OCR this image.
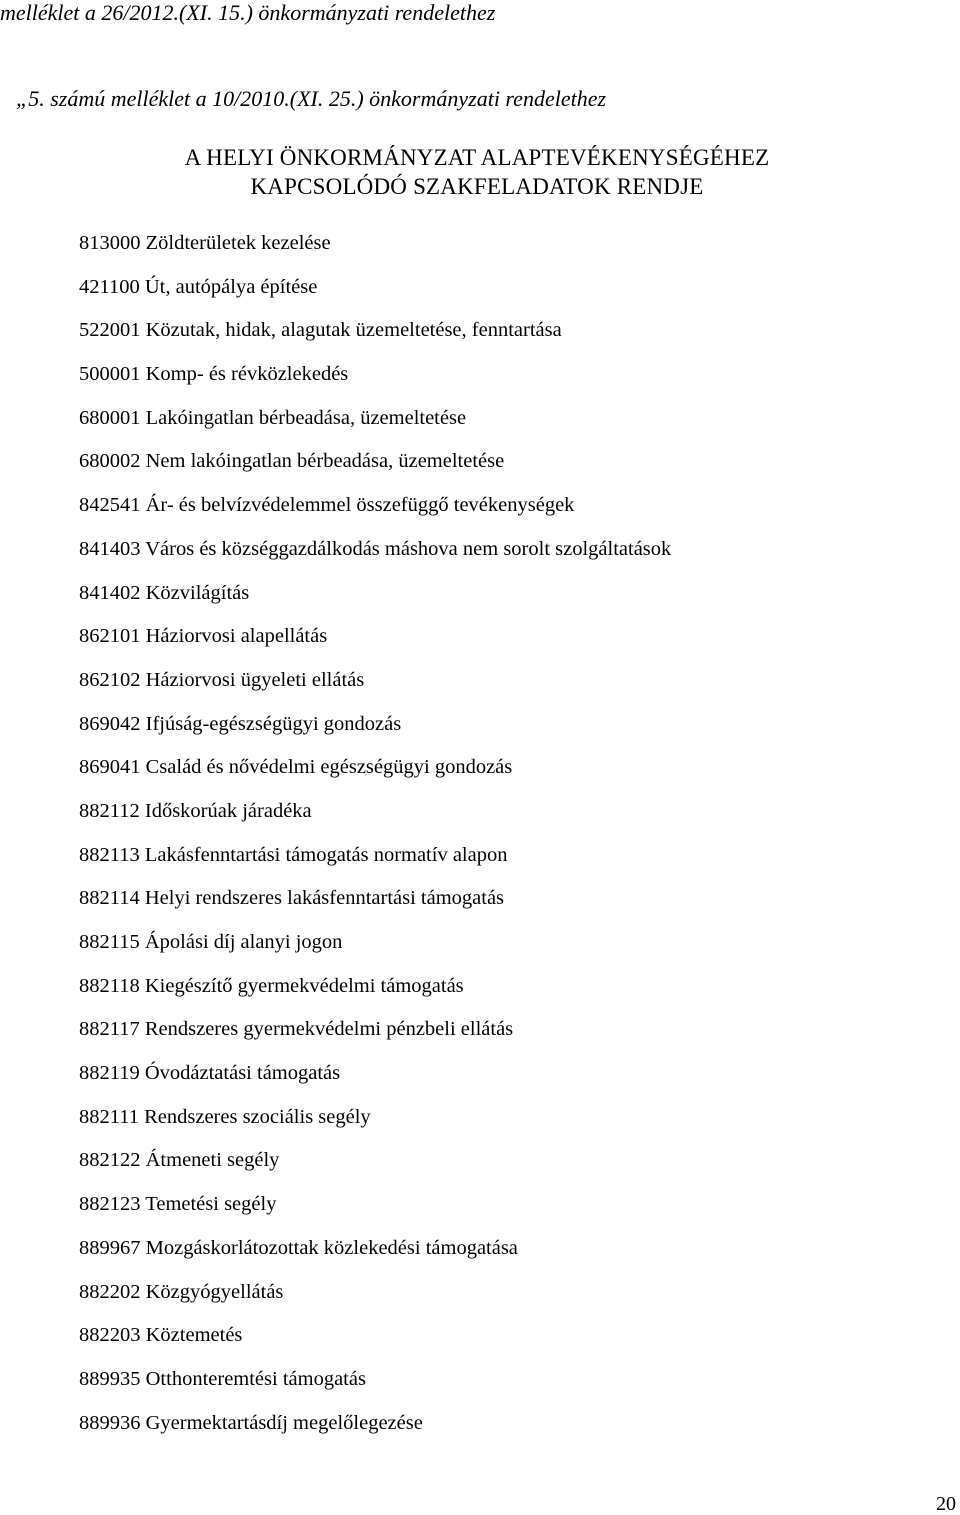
melléklet a 26/2012.(XI. 15.) önkormányzati rendelethez
„5. számú melléklet a 10/2010.(XI. 25.) önkormányzati rendelethez
A HELYI ÖNKORMÁNYZAT ALAPTEVÉKENYSÉGÉHEZ
KAPCSOLÓDÓ SZAKFELADATOK RENDJE
813000 Zöldterületek kezelése
421100 Út, autópálya építése
522001 Közutak, hidak, alagutak üzemeltetése, fenntartása
500001 Komp- és révközlekedés
680001 Lakóingatlan bérbeadása, üzemeltetése
680002 Nem lakóingatlan bérbeadása, üzemeltetése
842541 Ár- és belvízvédelemmel összefüggő tevékenységek
841403 Város és községgazdálkodás máshova nem sorolt szolgáltatások
841402 Közvilágítás
862101 Háziorvosi alapellátás
862102 Háziorvosi ügyeleti ellátás
869042 Ifjúság-egészségügyi gondozás
869041 Család és nővédelmi egészségügyi gondozás
882112 Időskorúak járadéka
882113 Lakásfenntartási támogatás normatív alapon
882114 Helyi rendszeres lakásfenntartási támogatás
882115 Ápolási díj alanyi jogon
882118 Kiegészítő gyermekvédelmi támogatás
882117 Rendszeres gyermekvédelmi pénzbeli ellátás
882119 Óvodáztatási támogatás
882111 Rendszeres szociális segély
882122 Átmeneti segély
882123 Temetési segély
889967 Mozgáskorlátozottak közlekedési támogatása
882202 Közgyógyellátás
882203 Köztemetés
889935 Otthonteremtési támogatás
889936 Gyermektartásdíj megelőlegezése
20
